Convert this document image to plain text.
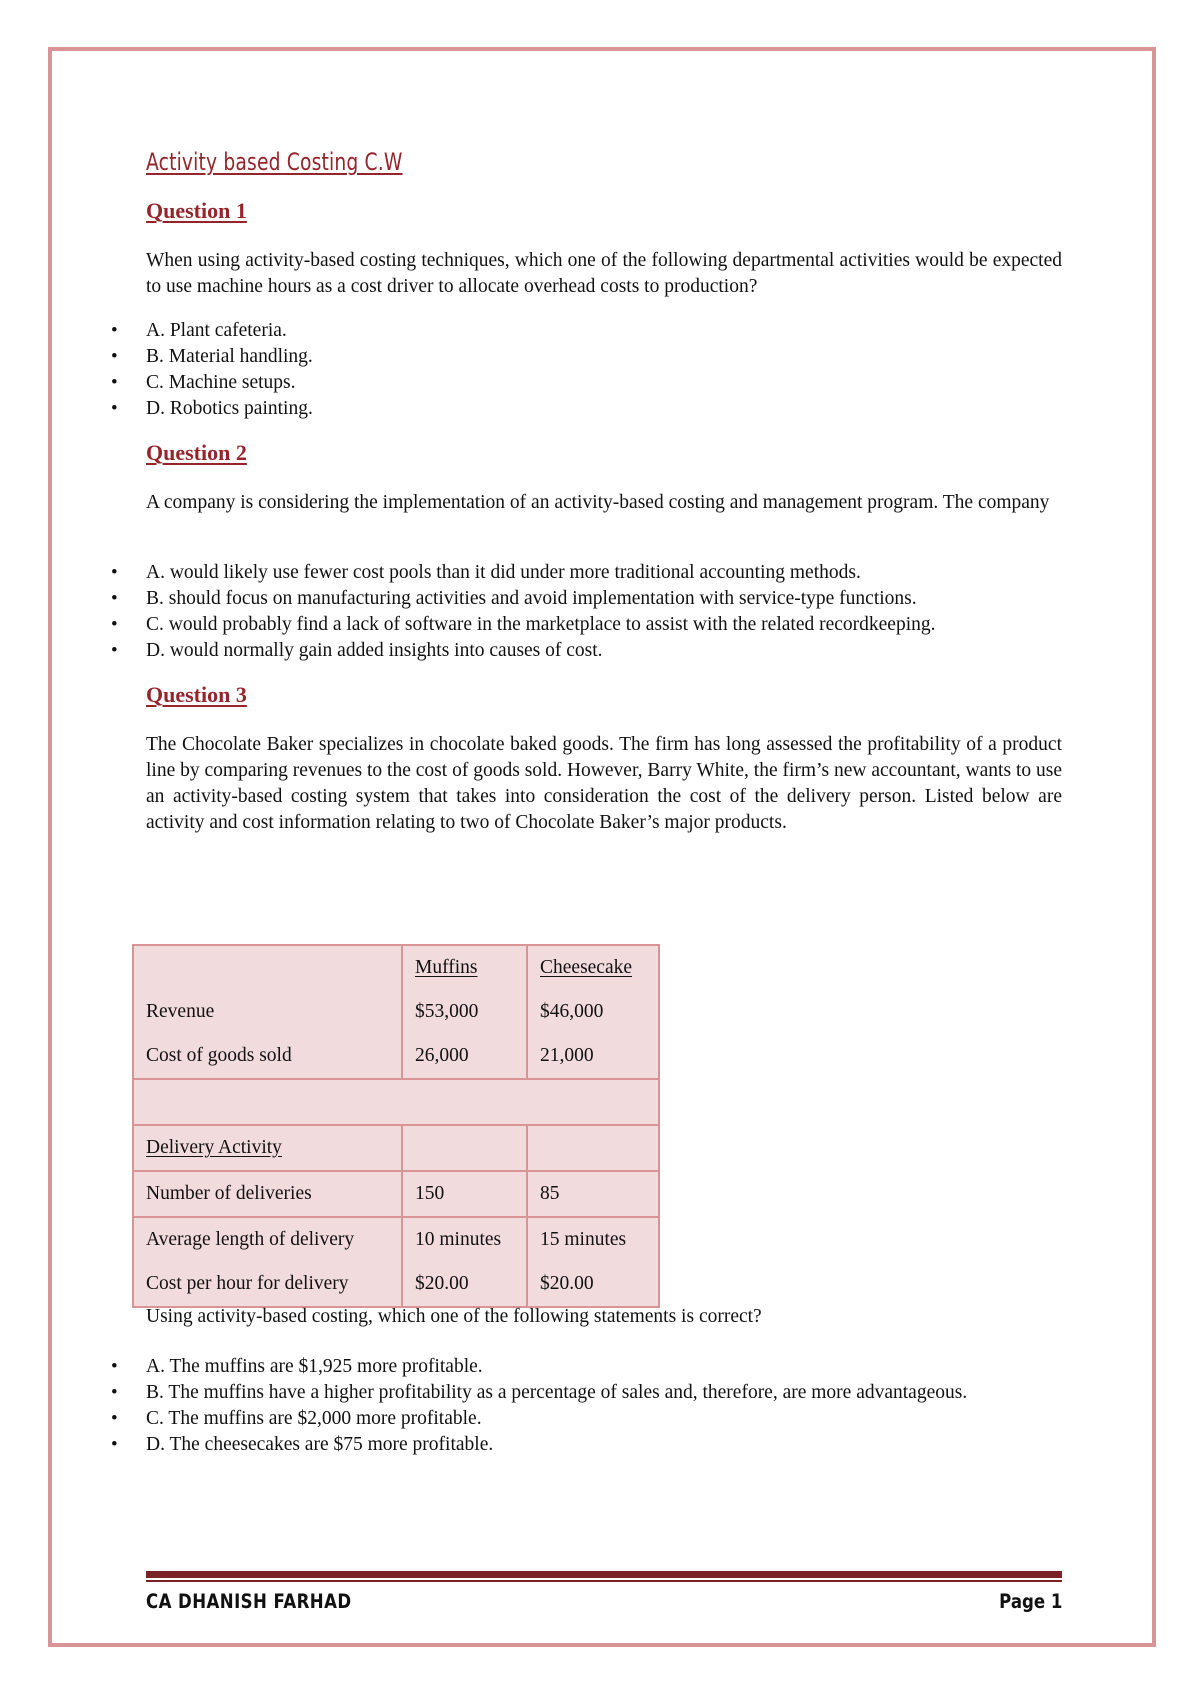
Activity based Costing C.W
Question 1
When using activity-based costing techniques, which one of the following departmental activities would be expected to use machine hours as a cost driver to allocate overhead costs to production?
• A. Plant cafeteria.
• B. Material handling.
• C. Machine setups.
• D. Robotics painting.
Question 2
A company is considering the implementation of an activity-based costing and management program. The company
• A. would likely use fewer cost pools than it did under more traditional accounting methods.
• B. should focus on manufacturing activities and avoid implementation with service-type functions.
• C. would probably find a lack of software in the marketplace to assist with the related recordkeeping.
• D. would normally gain added insights into causes of cost.
Question 3
The Chocolate Baker specializes in chocolate baked goods. The firm has long assessed the profitability of a product line by comparing revenues to the cost of goods sold. However, Barry White, the firm’s new accountant, wants to use an activity-based costing system that takes into consideration the cost of the delivery person. Listed below are activity and cost information relating to two of Chocolate Baker’s major products.
	Muffins	Cheesecake
Revenue	$53,000	$46,000
Cost of goods sold	26,000	21,000

Delivery Activity		
Number of deliveries	150	85
Average length of delivery	10 minutes	15 minutes
Cost per hour for delivery	$20.00	$20.00
Using activity-based costing, which one of the following statements is correct?
• A. The muffins are $1,925 more profitable.
• B. The muffins have a higher profitability as a percentage of sales and, therefore, are more advantageous.
• C. The muffins are $2,000 more profitable.
• D. The cheesecakes are $75 more profitable.
CA DHANISH FARHAD	Page 1
